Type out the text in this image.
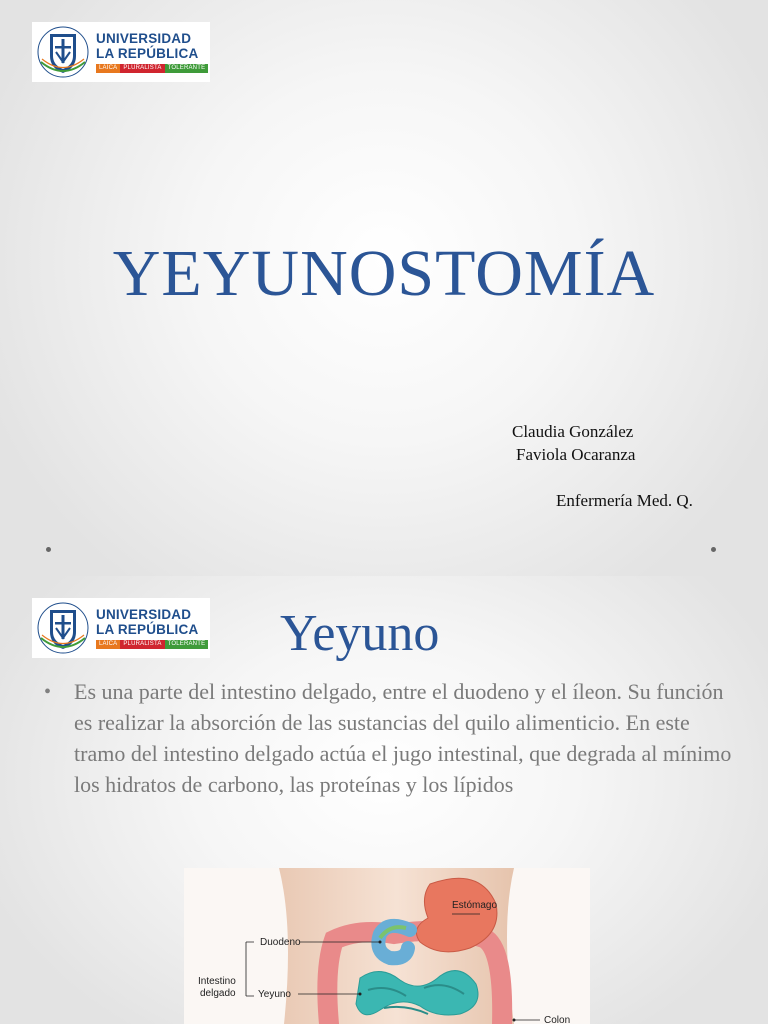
UNIVERSIDAD
LA REPÚBLICA
LAICA	PLURALISTA	TOLERANTE
YEYUNOSTOMÍA
Claudia González
Faviola Ocaranza
Enfermería Med. Q.
UNIVERSIDAD
LA REPÚBLICA
LAICA	PLURALISTA	TOLERANTE Yeyuno
• Es una parte del intestino delgado, entre el duodeno y el íleon. Su función es realizar la absorción de las sustancias del quilo alimenticio. En este tramo del intestino delgado actúa el jugo intestinal, que degrada al mínimo los hidratos de carbono, las proteínas y los lípidos
Estómago
Duodeno
Intestino
delgado Yeyuno
Colon
